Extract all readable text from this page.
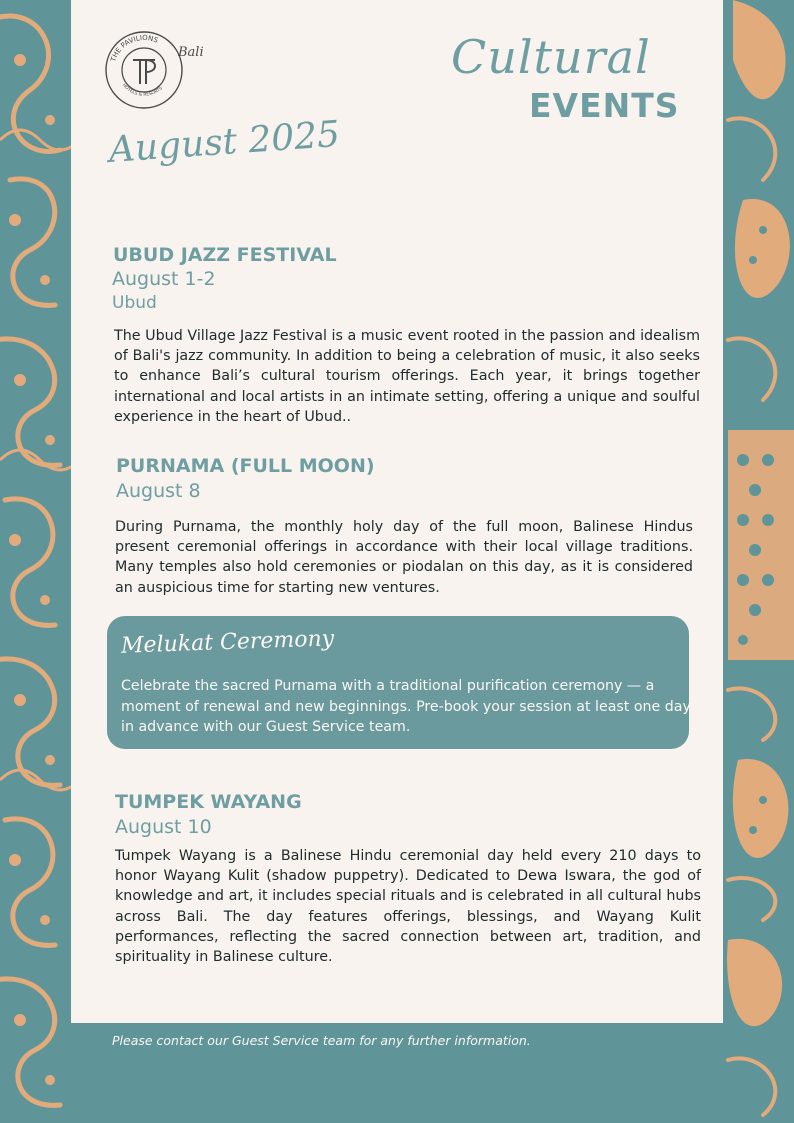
THE PAVILIONS
HOTELS & RESORTS
Bali	Cultural
EVENTS
August 2025
UBUD JAZZ FESTIVAL
August 1-2
Ubud
The Ubud Village Jazz Festival is a music event rooted in the passion and idealism of Bali's jazz community. In addition to being a celebration of music, it also seeks to enhance Bali’s cultural tourism offerings. Each year, it brings together international and local artists in an intimate setting, offering a unique and soulful experience in the heart of Ubud..
PURNAMA (FULL MOON)
August 8
During Purnama, the monthly holy day of the full moon, Balinese Hindus present ceremonial offerings in accordance with their local village traditions. Many temples also hold ceremonies or piodalan on this day, as it is considered an auspicious time for starting new ventures.
Melukat Ceremony
Celebrate the sacred Purnama with a traditional purification ceremony — a moment of renewal and new beginnings. Pre-book your session at least one day in advance with our Guest Service team.
TUMPEK WAYANG
August 10
Tumpek Wayang is a Balinese Hindu ceremonial day held every 210 days to honor Wayang Kulit (shadow puppetry). Dedicated to Dewa Iswara, the god of knowledge and art, it includes special rituals and is celebrated in all cultural hubs across Bali. The day features offerings, blessings, and Wayang Kulit performances, reflecting the sacred connection between art, tradition, and spirituality in Balinese culture.
Please contact our Guest Service team for any further information.
